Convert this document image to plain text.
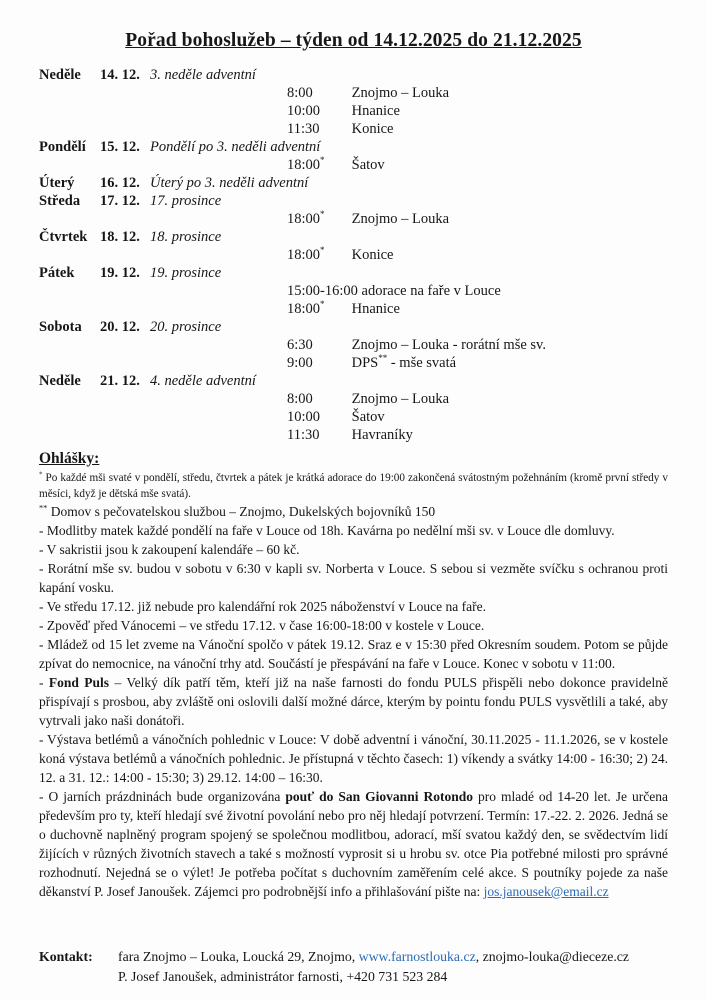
Pořad bohoslužeb – týden od 14.12.2025 do 21.12.2025
Neděle 14. 12. 3. neděle adventní
8:00	Znojmo – Louka
10:00 Hnanice
11:30 Konice
Pondělí 15. 12. Pondělí po 3. neděli adventní
18:00* Šatov
Úterý 16. 12. Úterý po 3. neděli adventní
Středa 17. 12. 17. prosince
18:00* Znojmo – Louka
Čtvrtek 18. 12. 18. prosince
18:00* Konice
Pátek 19. 12. 19. prosince
15:00-16:00 adorace na faře v Louce
18:00* Hnanice
Sobota 20. 12. 20. prosince
6:30	Znojmo – Louka - rorátní mše sv.
9:00	DPS** - mše svatá
Neděle 21. 12. 4. neděle adventní
8:00	Znojmo – Louka
10:00 Šatov
11:30 Havraníky
Ohlášky:

* Po každé mši svaté v pondělí, středu, čtvrtek a pátek je krátká adorace do 19:00 zakončená svátostným požehnáním (kromě první středy v měsíci, když je dětská mše svatá).

** Domov s pečovatelskou službou – Znojmo, Dukelských bojovníků 150

- Modlitby matek každé pondělí na faře v Louce od 18h. Kavárna po nedělní mši sv. v Louce dle domluvy.

- V sakristii jsou k zakoupení kalendáře – 60 kč.

- Rorátní mše sv. budou v sobotu v 6:30 v kapli sv. Norberta v Louce. S sebou si vezměte svíčku s ochranou proti kapání vosku.

- Ve středu 17.12. již nebude pro kalendářní rok 2025 náboženství v Louce na faře.

- Zpověď před Vánocemi – ve středu 17.12. v čase 16:00-18:00 v kostele v Louce.

- Mládež od 15 let zveme na Vánoční spolčo v pátek 19.12. Sraz e v 15:30 před Okresním soudem. Potom se půjde zpívat do nemocnice, na vánoční trhy atd. Součástí je přespávání na faře v Louce. Konec v sobotu v 11:00.

- Fond Puls – Velký dík patří těm, kteří již na naše farnosti do fondu PULS přispěli nebo dokonce pravidelně přispívají s prosbou, aby zvláště oni oslovili další možné dárce, kterým by pointu fondu PULS vysvětlili a také, aby vytrvali jako naši donátoři.

- Výstava betlémů a vánočních pohlednic v Louce: V době adventní i vánoční, 30.11.2025 - 11.1.2026, se v kostele koná výstava betlémů a vánočních pohlednic. Je přístupná v těchto časech: 1) víkendy a svátky 14:00 - 16:30; 2) 24. 12. a 31. 12.: 14:00 - 15:30; 3) 29.12. 14:00 – 16:30.

- O jarních prázdninách bude organizována pouť do San Giovanni Rotondo pro mladé od 14-20 let. Je určena především pro ty, kteří hledají své životní povolání nebo pro něj hledají potvrzení. Termín: 17.-22. 2. 2026. Jedná se o duchovně naplněný program spojený se společnou modlitbou, adorací, mší svatou každý den, se svědectvím lidí žijících v různých životních stavech a také s možností vyprosit si u hrobu sv. otce Pia potřebné milosti pro správné rozhodnutí. Nejedná se o výlet! Je potřeba počítat s duchovním zaměřením celé akce. S poutníky pojede za naše děkanství P. Josef Janoušek. Zájemci pro podrobnější info a přihlašování pište na: jos.janousek@email.cz

Kontakt:	fara Znojmo – Louka, Loucká 29, Znojmo, www.farnostlouka.cz, znojmo-louka@dieceze.cz
P. Josef Janoušek, administrátor farnosti, +420 731 523 284
